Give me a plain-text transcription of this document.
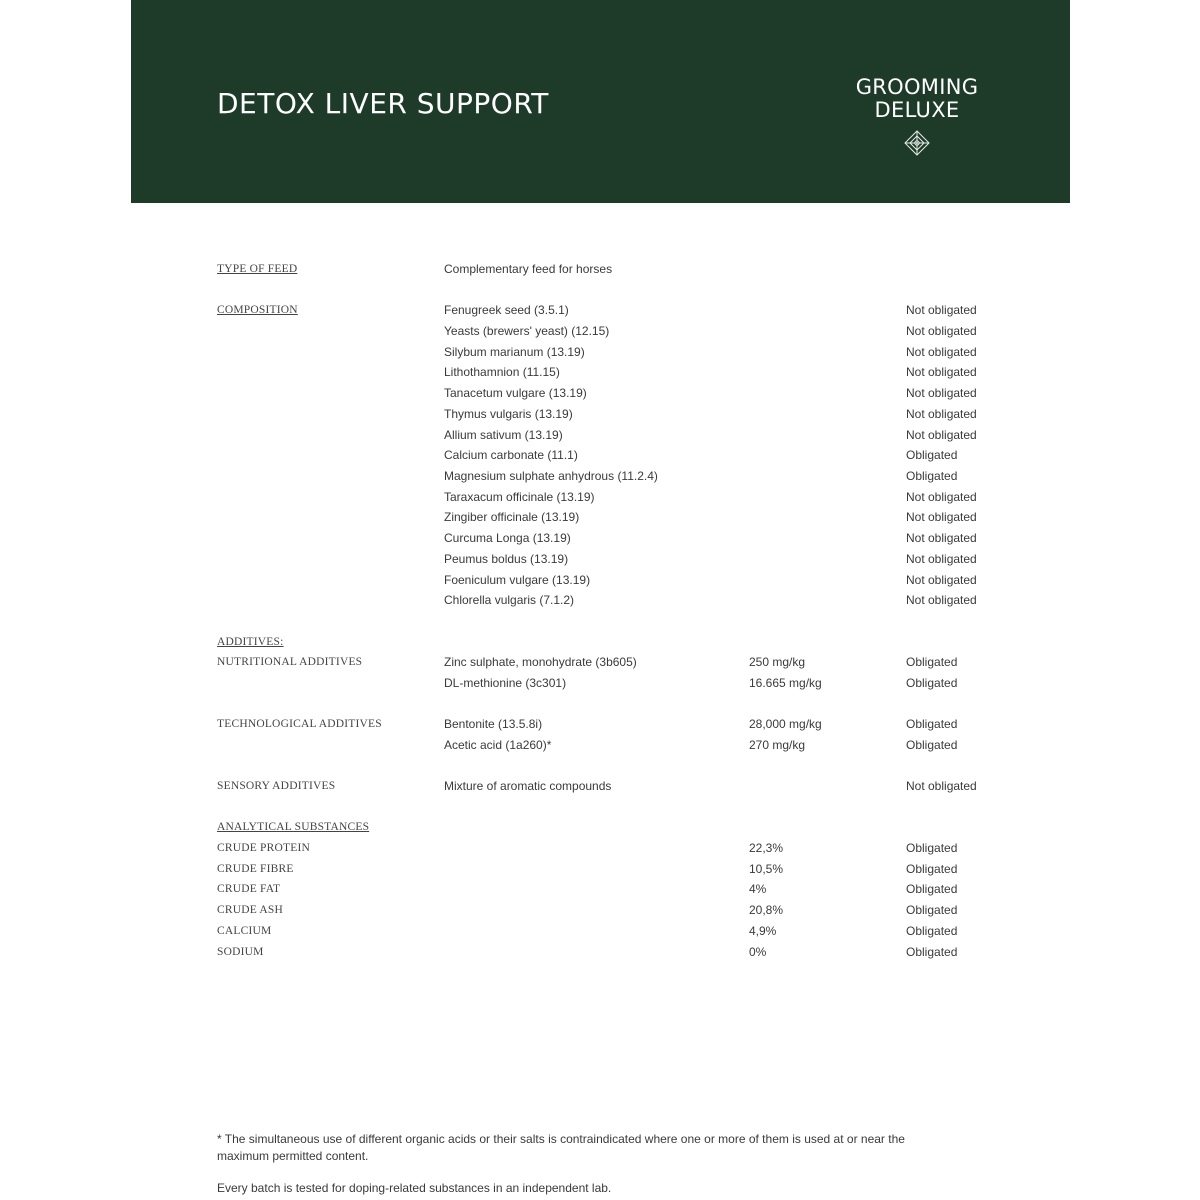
DETOX LIVER SUPPORT	GROOMING
DELUXE
TYPE OF FEED	Complementary feed for horses
COMPOSITION	Fenugreek seed (3.5.1)	Not obligated
Yeasts (brewers' yeast) (12.15)	Not obligated
Silybum marianum (13.19)	Not obligated
Lithothamnion (11.15)	Not obligated
Tanacetum vulgare (13.19)	Not obligated
Thymus vulgaris (13.19)	Not obligated
Allium sativum (13.19)	Not obligated
Calcium carbonate (11.1)	Obligated
Magnesium sulphate anhydrous (11.2.4)	Obligated
Taraxacum officinale (13.19)	Not obligated
Zingiber officinale (13.19)	Not obligated
Curcuma Longa (13.19)	Not obligated
Peumus boldus (13.19)	Not obligated
Foeniculum vulgare (13.19)	Not obligated
Chlorella vulgaris (7.1.2)	Not obligated
ADDITIVES:
NUTRITIONAL ADDITIVES	Zinc sulphate, monohydrate (3b605)	250 mg/kg	Obligated
DL-methionine (3c301)	16.665 mg/kg	Obligated
TECHNOLOGICAL ADDITIVES	Bentonite (13.5.8i)	28,000 mg/kg	Obligated
Acetic acid (1a260)*	270 mg/kg	Obligated
SENSORY ADDITIVES	Mixture of aromatic compounds	Not obligated
ANALYTICAL SUBSTANCES
CRUDE PROTEIN	22,3%	Obligated
CRUDE FIBRE	10,5%	Obligated
CRUDE FAT	4%	Obligated
CRUDE ASH	20,8%	Obligated
CALCIUM	4,9%	Obligated
SODIUM	0%	Obligated
* The simultaneous use of different organic acids or their salts is contraindicated where one or more of them is used at or near the
maximum permitted content.
Every batch is tested for doping-related substances in an independent lab.
